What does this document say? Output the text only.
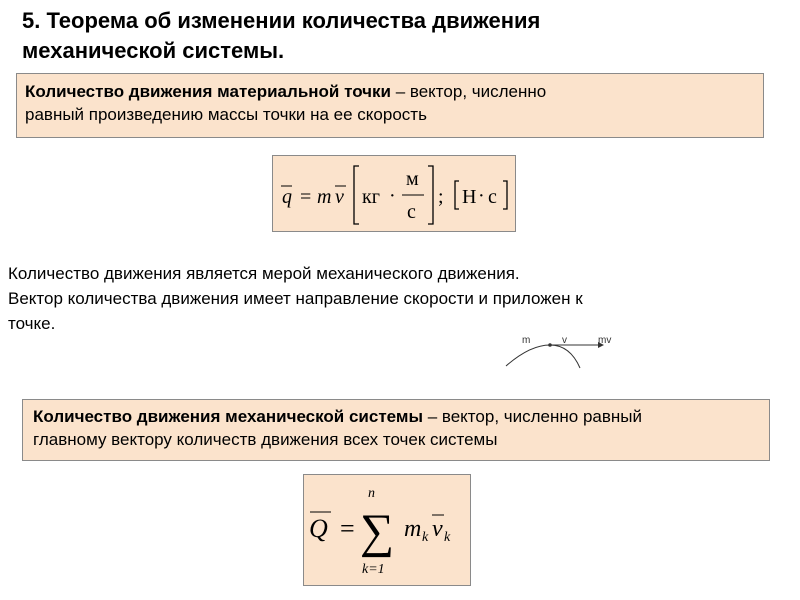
5. Теорема об изменении количества движения
механической системы.
Количество движения материальной точки – вектор, численно
равный произведению массы точки на ее скорость
q = m v кг ·
м
с
; Н · с
Количество движения является мерой механического движения.
Вектор количества движения имеет направление скорости и приложен к
точке.
m	v	mv
Количество движения механической системы – вектор, численно равный
главному вектору количеств движения всех точек системы
Q =
n
∑
k=1
m k v k
